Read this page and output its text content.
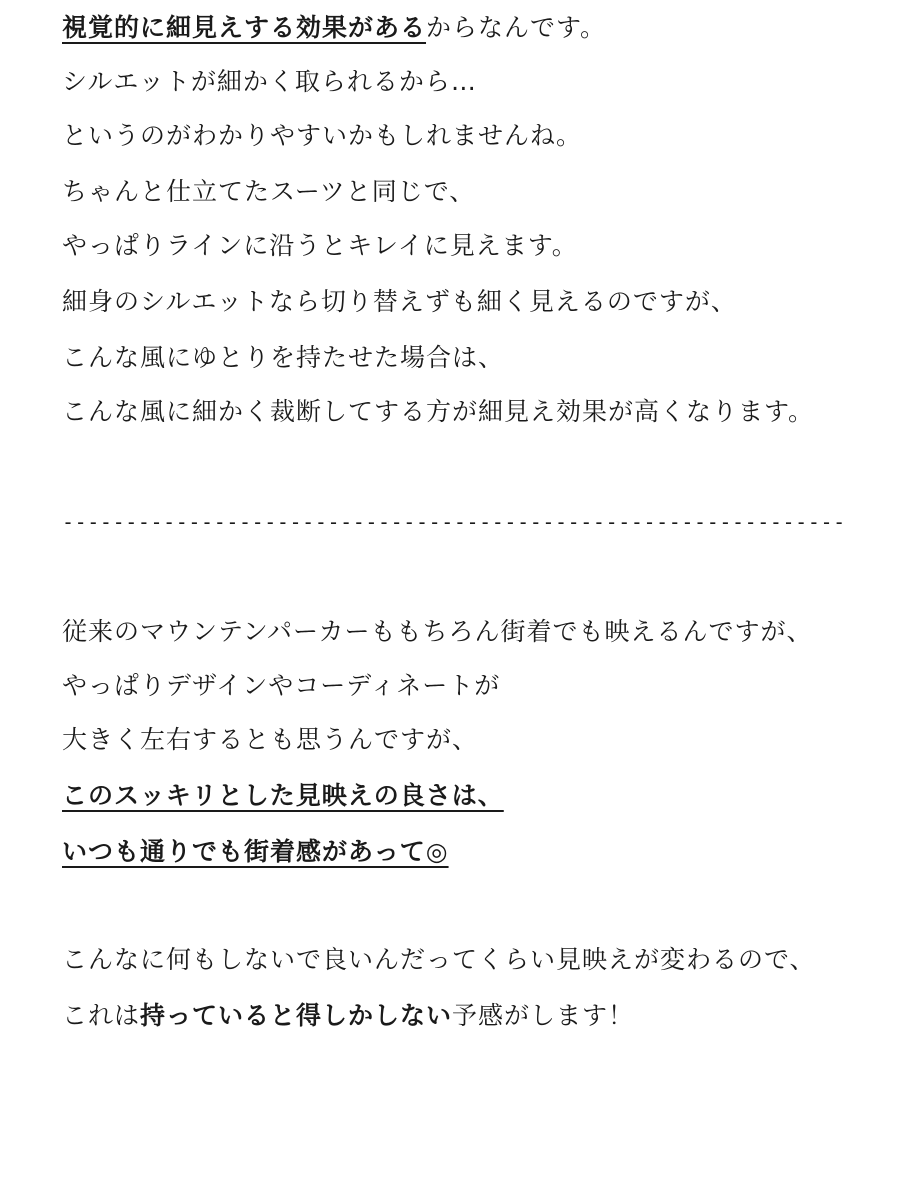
視覚的に細見えする効果があるからなんです。
シルエットが細かく取られるから…
というのがわかりやすいかもしれませんね。
ちゃんと仕立てたスーツと同じで、
やっぱりラインに沿うとキレイに見えます。
細身のシルエットなら切り替えずも細く見えるのですが、
こんな風にゆとりを持たせた場合は、
こんな風に細かく裁断してする方が細見え効果が高くなります。
--------------------------------------------------------------
従来のマウンテンパーカーももちろん街着でも映えるんですが、
やっぱりデザインやコーディネートが
大きく左右するとも思うんですが、
このスッキリとした見映えの良さは、
いつも通りでも街着感があって◎
こんなに何もしないで良いんだってくらい見映えが変わるので、
これは持っていると得しかしない予感がします！
